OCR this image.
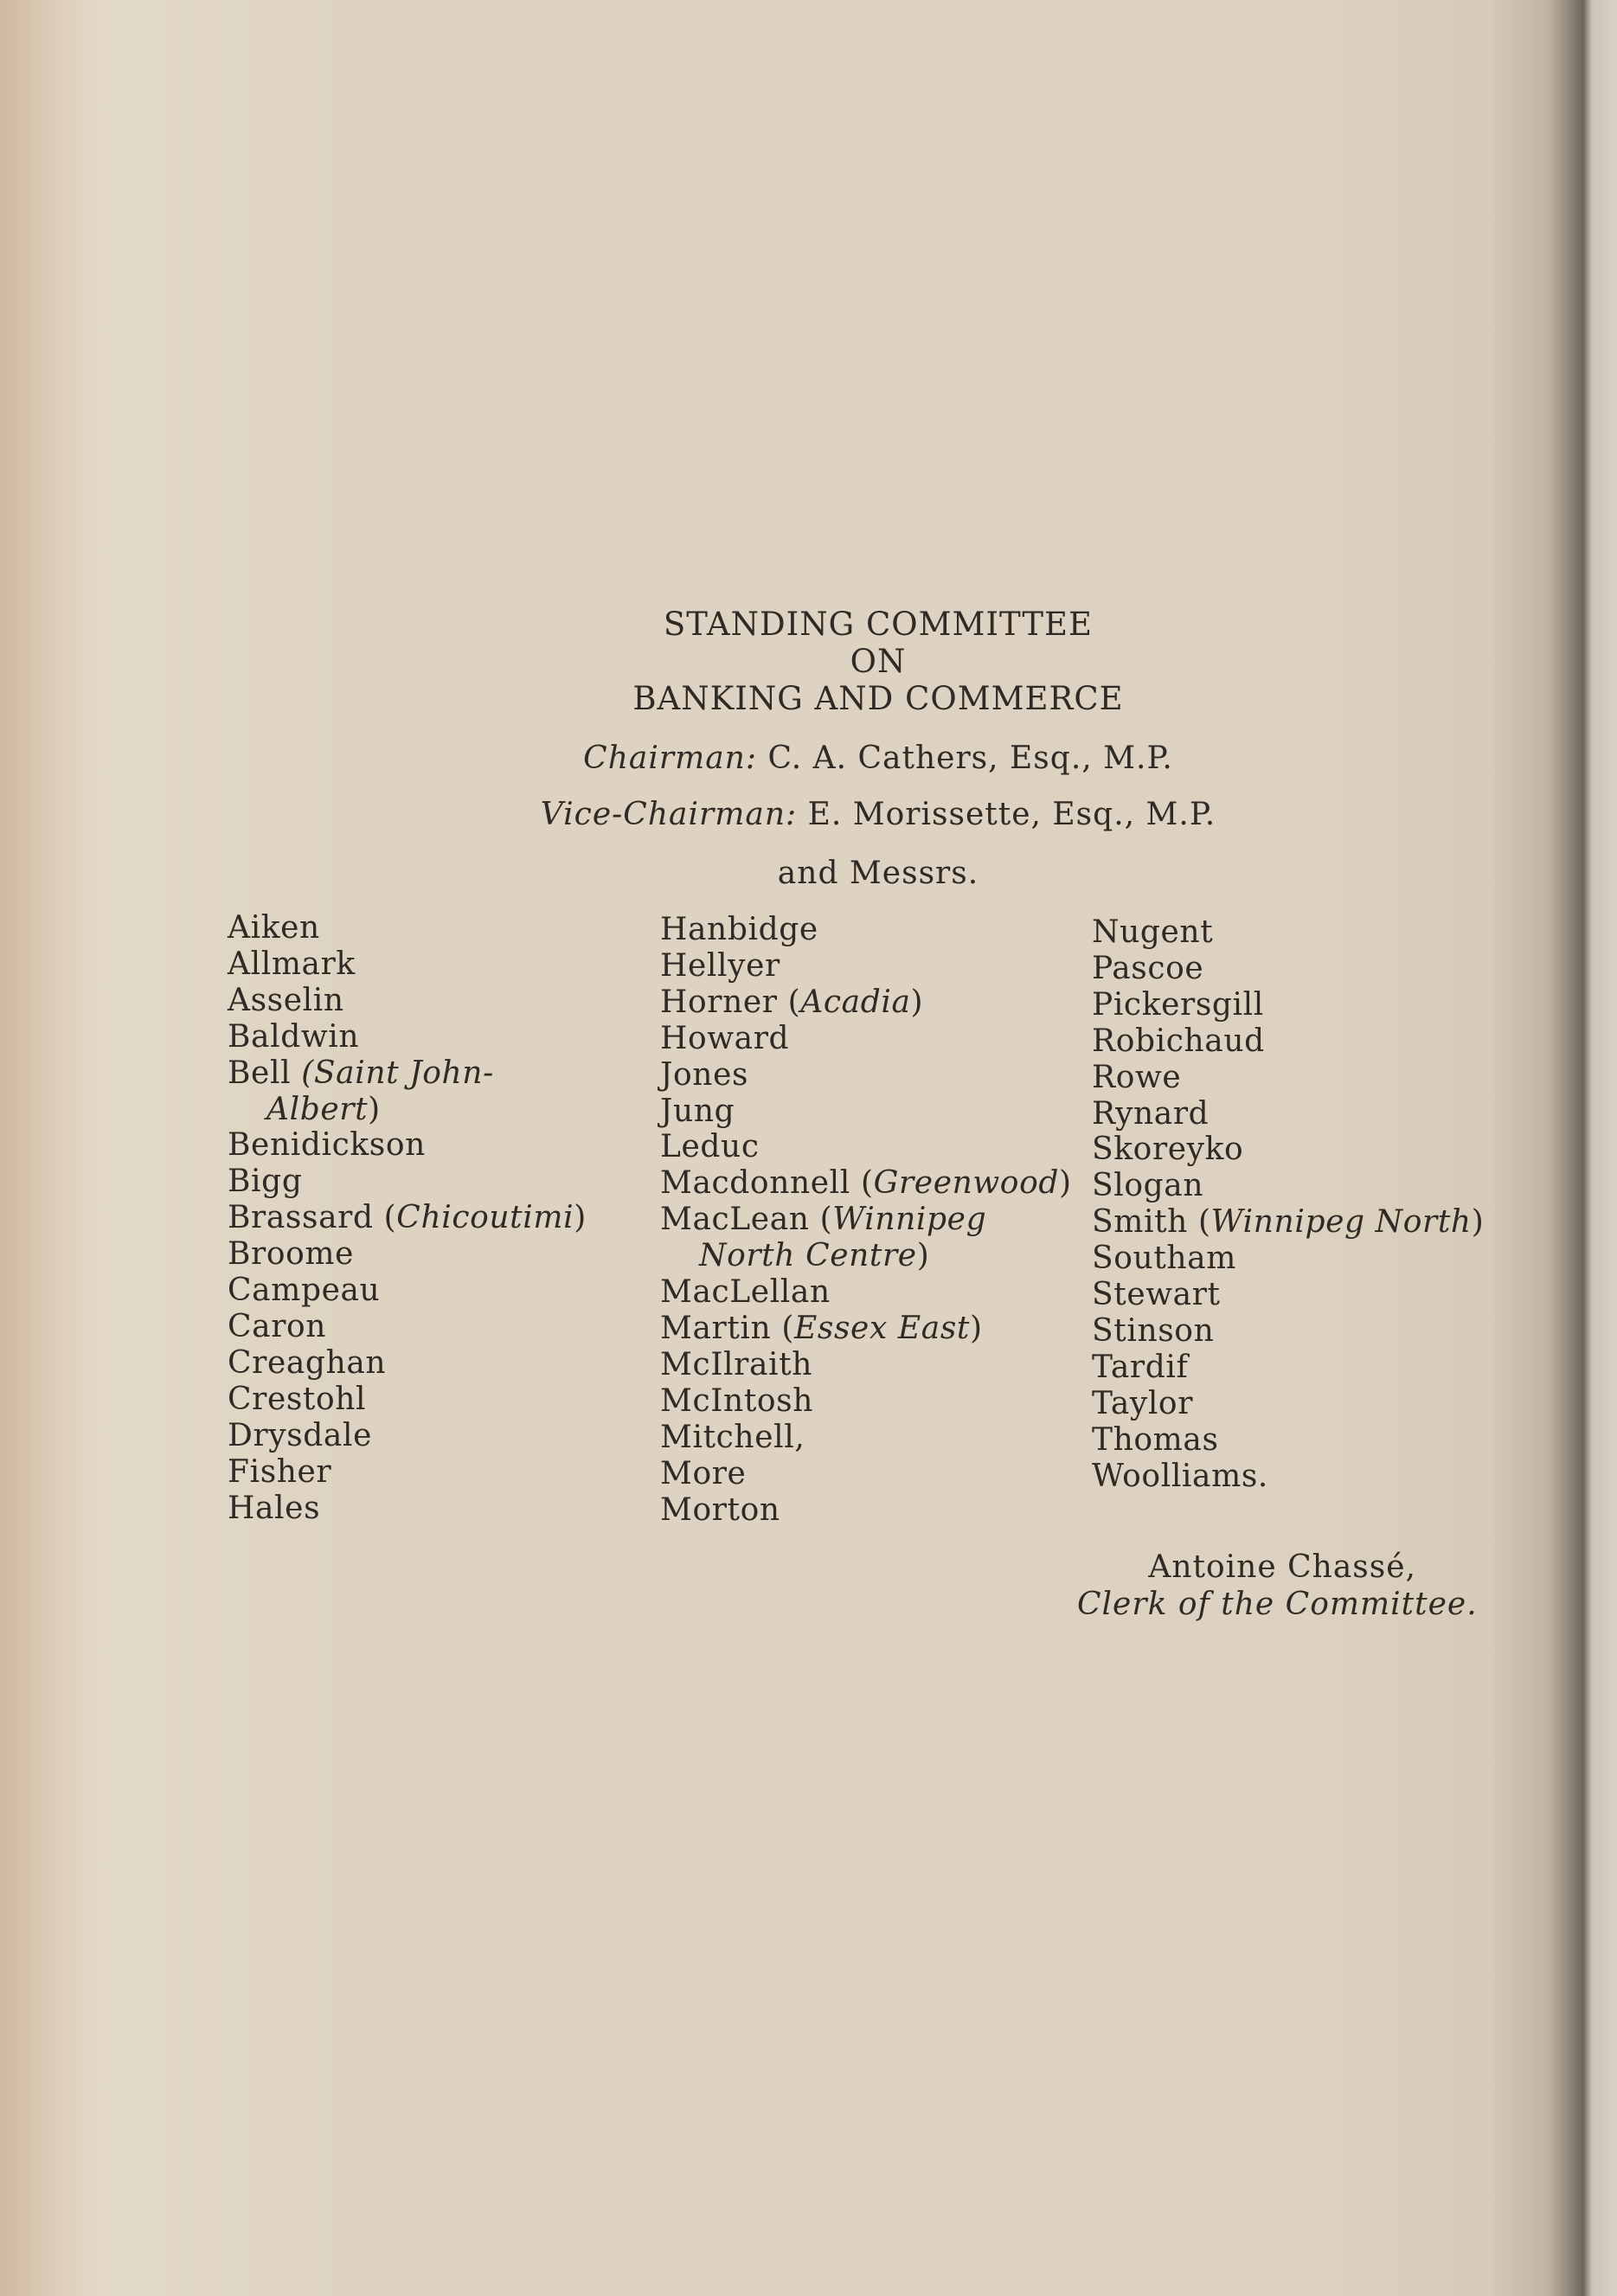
STANDING COMMITTEE
ON
BANKING AND COMMERCE
Chairman: C. A. Cathers, Esq., M.P.
Vice-Chairman: E. Morissette, Esq., M.P.
and Messrs.
Aiken
Allmark
Asselin
Baldwin
Bell (Saint John-
Albert)
Benidickson
Bigg
Brassard (Chicoutimi)
Broome
Campeau
Caron
Creaghan
Crestohl
Drysdale
Fisher
Hales
Hanbidge
Hellyer
Horner (Acadia)
Howard
Jones
Jung
Leduc
Macdonnell (Greenwood)
MacLean (Winnipeg
North Centre)
MacLellan
Martin (Essex East)
McIlraith
McIntosh
Mitchell,
More
Morton
Nugent
Pascoe
Pickersgill
Robichaud
Rowe
Rynard
Skoreyko
Slogan
Smith (Winnipeg North)
Southam
Stewart
Stinson
Tardif
Taylor
Thomas
Woolliams.
Antoine Chassé,
Clerk of the Committee.
